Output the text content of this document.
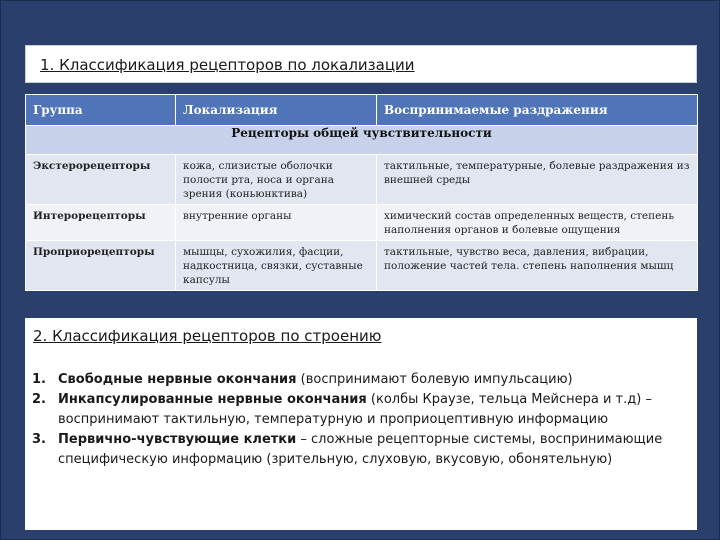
1. Классификация рецепторов по локализации
Группа	Локализация	Воспринимаемые раздражения
Рецепторы общей чувствительности		
Экстерорецепторы	кожа, слизистые оболочки полости рта, носа и органа зрения (коньюнктива)	тактильные, температурные, болевые раздражения из внешней среды
Интерорецепторы	внутренние органы	химический состав определенных веществ, степень наполнения органов и болевые ощущения
Проприорецепторы	мышцы, сухожилия, фасции, надкостница, связки, суставные капсулы	тактильные, чувство веса, давления, вибрации, положение частей тела. степень наполнения мышц
2. Классификация рецепторов по строению
1. Свободные нервные окончания (воспринимают болевую импульсацию)
2. Инкапсулированные нервные окончания (колбы Краузе, тельца Мейснера и т.д) – воспринимают тактильную, температурную и проприоцептивную информацию
3. Первично-чувствующие клетки – сложные рецепторные системы, воспринимающие специфическую информацию (зрительную, слуховую, вкусовую, обонятельную)
